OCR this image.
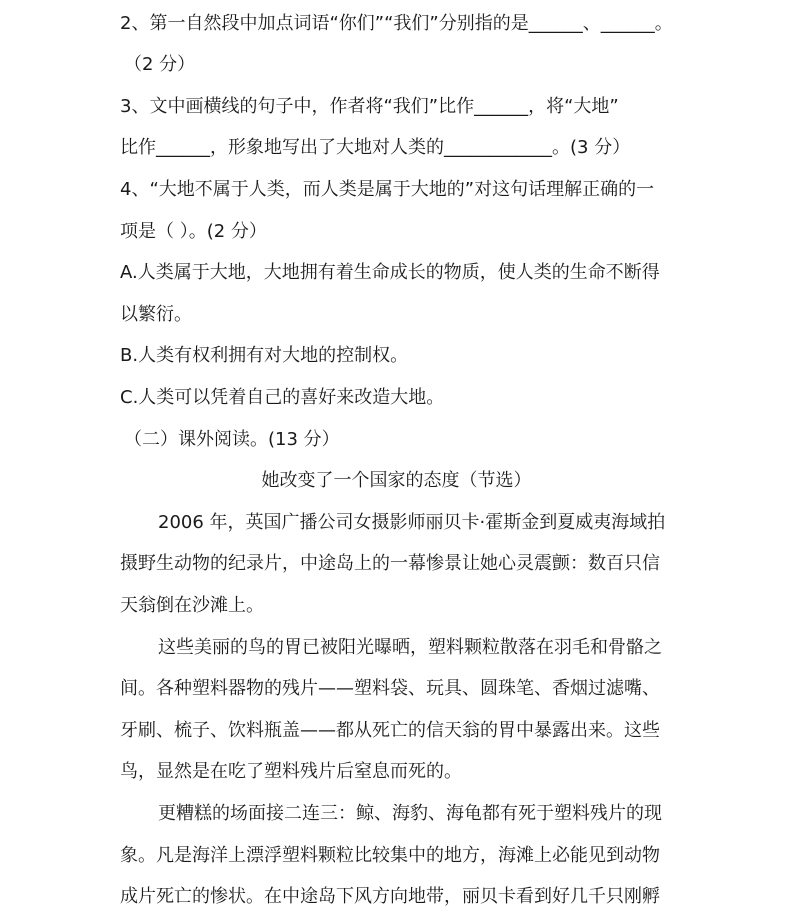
2、第一自然段中加点词语“你们”“我们”分别指的是______、______。
（2 分）
3、文中画横线的句子中，作者将“我们”比作______，将“大地”
比作______，形象地写出了大地对人类的____________。(3 分）
4、“大地不属于人类，而人类是属于大地的”对这句话理解正确的一
项是（ ）。(2 分）
A.人类属于大地，大地拥有着生命成长的物质，使人类的生命不断得
以繁衍。
B.人类有权利拥有对大地的控制权。
C.人类可以凭着自己的喜好来改造大地。
（二）课外阅读。(13 分）
她改变了一个国家的态度（节选）
2006 年，英国广播公司女摄影师丽贝卡·霍斯金到夏威夷海域拍
摄野生动物的纪录片，中途岛上的一幕惨景让她心灵震颤：数百只信
天翁倒在沙滩上。
这些美丽的鸟的胃已被阳光曝晒，塑料颗粒散落在羽毛和骨骼之
间。各种塑料器物的残片——塑料袋、玩具、圆珠笔、香烟过滤嘴、
牙刷、梳子、饮料瓶盖——都从死亡的信天翁的胃中暴露出来。这些
鸟，显然是在吃了塑料残片后窒息而死的。
更糟糕的场面接二连三：鲸、海豹、海龟都有死于塑料残片的现
象。凡是海洋上漂浮塑料颗粒比较集中的地方，海滩上必能见到动物
成片死亡的惨状。在中途岛下风方向地带，丽贝卡看到好几千只刚孵
